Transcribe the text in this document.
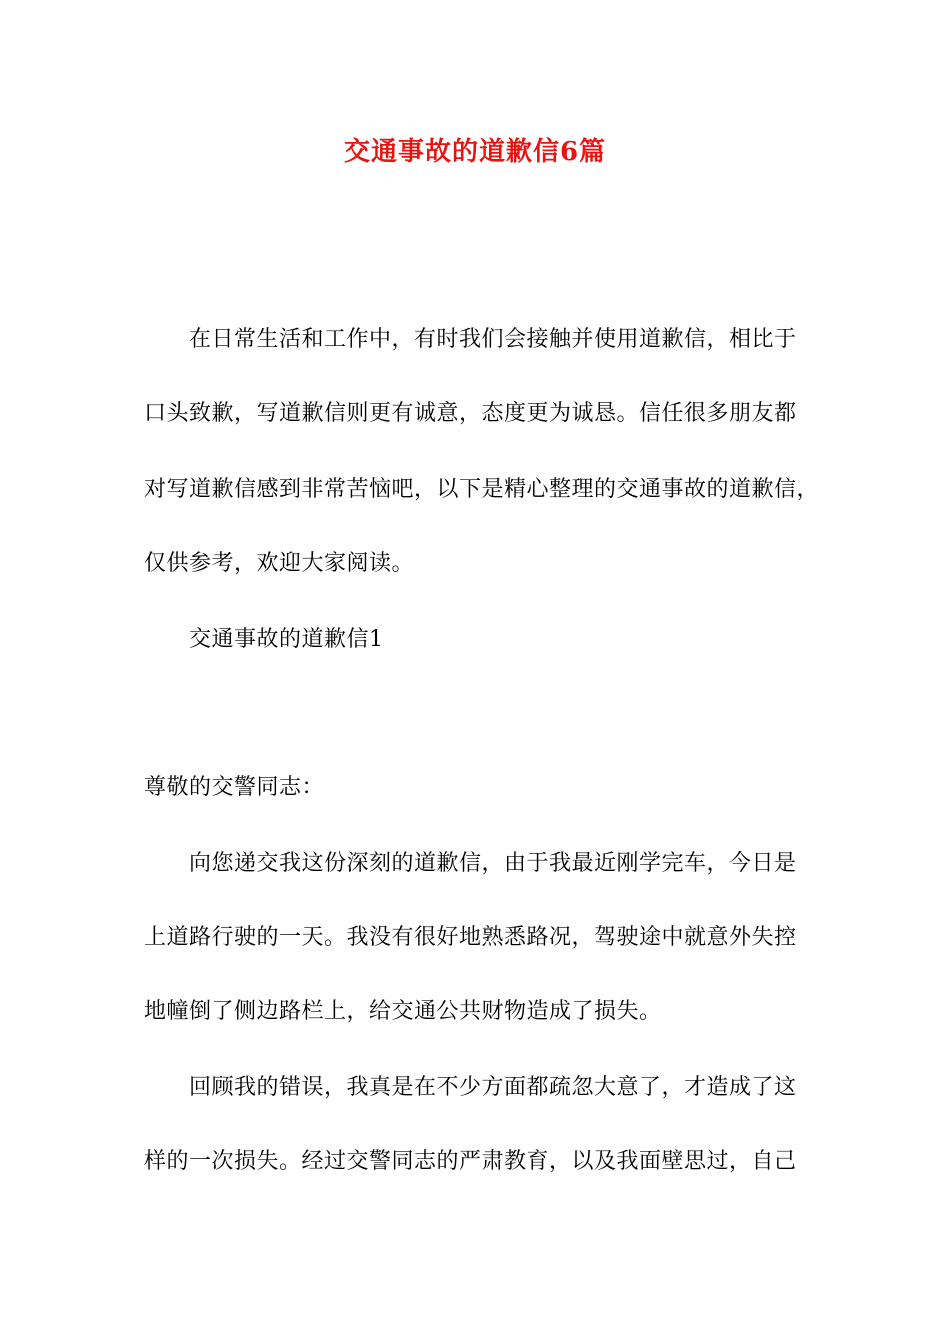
交通事故的道歉信6篇
在日常生活和工作中，有时我们会接触并使用道歉信，相比于
口头致歉，写道歉信则更有诚意，态度更为诚恳。信任很多朋友都
对写道歉信感到非常苦恼吧，以下是精心整理的交通事故的道歉信，
仅供参考，欢迎大家阅读。
交通事故的道歉信1
尊敬的交警同志：
向您递交我这份深刻的道歉信，由于我最近刚学完车，今日是
上道路行驶的一天。我没有很好地熟悉路况，驾驶途中就意外失控
地幢倒了侧边路栏上，给交通公共财物造成了损失。
回顾我的错误，我真是在不少方面都疏忽大意了，才造成了这
样的一次损失。经过交警同志的严肃教育，以及我面壁思过，自己
